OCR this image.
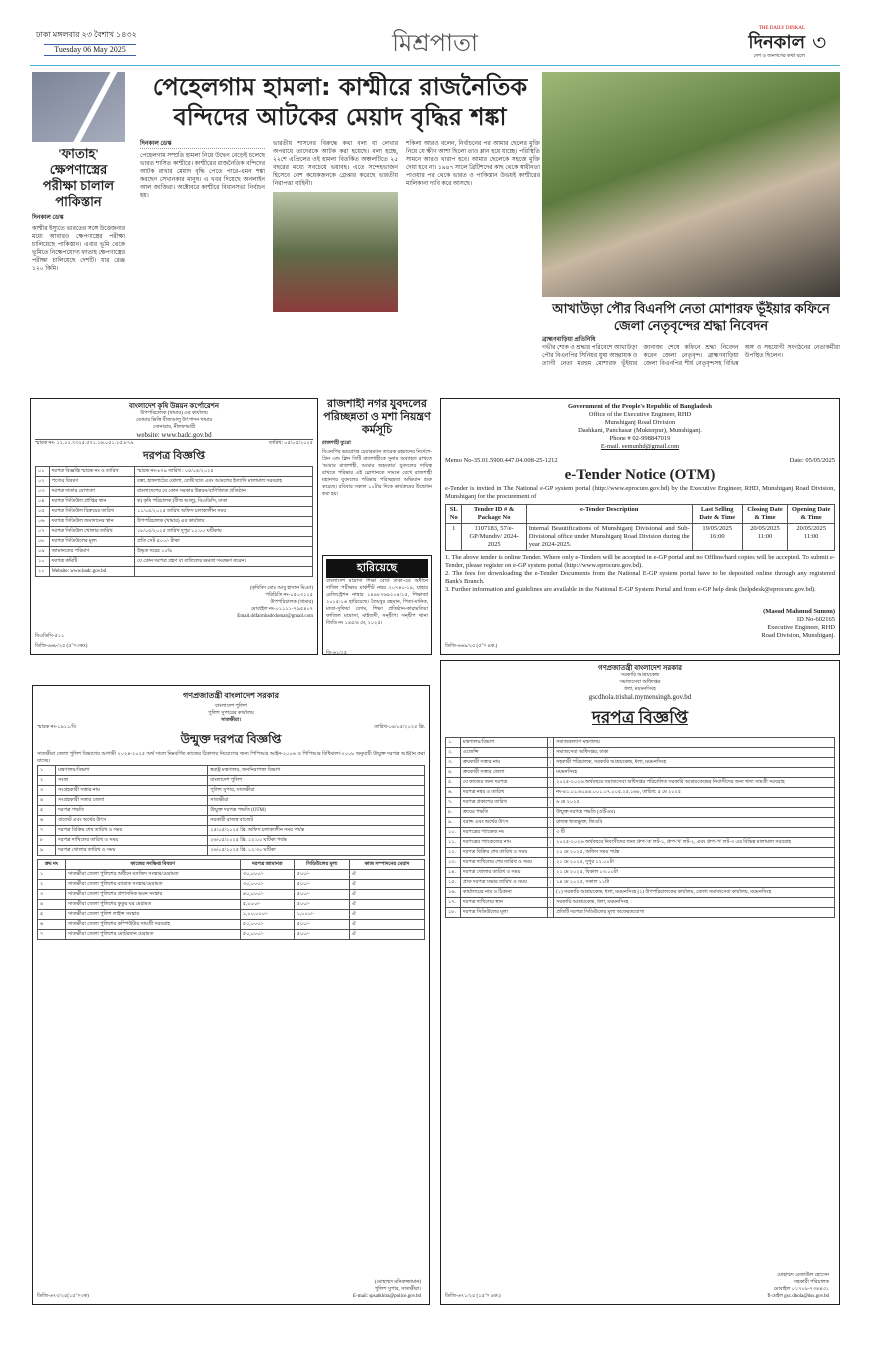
ঢাকা মঙ্গলবার ২৩ বৈশাখ ১৪৩২
Tuesday 06 May 2025	মিশ্রপাতা
THE DAILY DINKAL
দিনকাল
দেশ ও জনগণের কথা বলে
৩
'ফাতাহ' ক্ষেপণাস্ত্রের পরীক্ষা চালাল পাকিস্তান
দিনকাল ডেস্ক

কাশ্মীর ইস্যুতে ভারতের সঙ্গে উত্তেজনার মধ্যে আবারও ক্ষেপণাস্ত্রের পরীক্ষা চালিয়েছে পাকিস্তান। এবার ভূমি থেকে ভূমিতে নিক্ষেপযোগ্য ফাতাহ ক্ষেপণাস্ত্রের পরীক্ষা চালিয়েছে দেশটি। যার রেঞ্জ ১২০ কিমি।

পেহেলগাম হামলা: কাশ্মীরে রাজনৈতিক বন্দিদের আটকের মেয়াদ বৃদ্ধির শঙ্কা
দিনকাল ডেস্ক

পেহেলগাম সম্প্রতি হামলা নিয়ে উদ্বেগ বেড়েই চলেছে ভারত শাসিত কাশ্মীরে। কাশ্মীরের রাজনৈতিক বন্দিদের আটক রাখার মেয়াদ বৃদ্ধি পেতে পারে-এমন শঙ্কা করছেন সেখানকার মানুষ। এ খবর দিয়েছে অনলাইন আল জাজিরা। অক্টোবরে কাশ্মীরে বিধানসভা নির্বাচন হয়।

ভারতীয় শাসনের বিরুদ্ধে কথা বলা বা লেখার অপরাধে তাদেরকে আটক করা হয়েছে। বলা হচ্ছে, ২২শে এপ্রিলের ওই হামলা বিতর্কিত অঞ্চলটিতে ২৫ বছরের মধ্যে সবচেয়ে ভয়াবহ। এতে সন্দেহভাজন হিসেবে বেশ কয়েকজনকে গ্রেপ্তার করেছে ভারতীয় নিরাপত্তা বাহিনী।

শকিলা আরও বলেন, নির্বাচনের পর আমার ছেলের মুক্তি নিয়ে যে ক্ষীণ আশা ছিলো তাও ম্লান হয়ে যাচ্ছে। পরিস্থিতি সামনে আরও খারাপ হবে। আমার ছেলেকে সহজে মুক্তি দেয়া হবে না। ১৯৪৭ সালে ব্রিটিশদের কাছ থেকে স্বাধীনতা পাওয়ার পর থেকে ভারত ও পাকিস্তান উভয়ই কাশ্মীরের মালিকানা দাবি করে আসছে।

আখাউড়া পৌর বিএনপি নেতা মোশারফ ভূঁইয়ার কফিনে জেলা নেতৃবৃন্দের শ্রদ্ধা নিবেদন
ব্রাহ্মণবাড়িয়া প্রতিনিধি

গভীর শোক ও শ্রদ্ধার পরিবেশে আখাউড়া পৌর বিএনপির সিনিয়র যুগ্ম আহ্বায়ক ও ত্যাগী নেতা মরহুম মোশারফ ভূঁইয়ার জানাজা শেষে কফিনে শ্রদ্ধা নিবেদন করেন জেলা নেতৃবৃন্দ। ব্রাহ্মণবাড়িয়া জেলা বিএনপির শীর্ষ নেতৃবৃন্দসহ বিভিন্ন অঙ্গ ও সহযোগী সংগঠনের নেতাকর্মীরা উপস্থিত ছিলেন।

বাংলাদেশ কৃষি উন্নয়ন কর্পোরেশন
উপপরিচালক (খামার) এর কার্যালয়
ডোমার ভিত্তি বীজআলু উৎপাদন খামার
সোনারায়, নীলফামারী
website: www.badc.gov.bd
স্মারক নং- ১২.০২.৭৩১৫.৫৭১.১৬.০৫১.২৫.৮৭৯	তারিখ: ০৫/০৫/২০২৫
দরপত্র বিজ্ঞপ্তি
০১	দরপত্র বিজ্ঞপ্তি স্মারক নং ও তারিখ	স্মারক নং-৮৭৯ তারিখ : ০৫/০৫/২০২৫
০২	পণ্যের বিবরণ	বস্তা, হাফলাঠের ঝোলা, তেষ্টি ছাত এবং আমলের ইত্যাদি মালামাল সরবরাহ
০৩	দরপত্র দাতার যোগ্যতা	বাংলাদেশের যে কোন সরকার উন্নয়ন/বাণিজ্যিক প্রতিষ্ঠান
০৪	দরপত্র সিডিউল প্রাপ্তির স্থান	ক) কৃষি পরিচালক (বীজ আলু), বিএডিসি, ঢাকা
০৫	দরপত্র সিডিউল বিক্রয়ের তারিখ	১১/০৫/২০২৫ তারিখ অফিস চলাকালীন সময়
০৬	দরপত্র সিডিউল জমাদানের স্থান	উপপরিচালক (খামার) এর কার্যালয়
০৭	দরপত্র সিডিউল খোলার তারিখ	১৮/০৫/২০২৫ তারিখ দুপুর ১২:০০ ঘটিকায়
০৮	দরপত্র সিডিউলের মূল্য	প্রতি সেট ৫০০/- টাকা
০৯	জামানতের পরিমাণ	উদ্ধৃত দরের ১০%
১০	দরপত্র কমিটি	যে কোন দরপত্র গ্রহণ বা বাতিলের ক্ষমতা সংরক্ষণ করেন।
১১	Website: www.badc.gov.bd	
(কৃষিবিদ মোঃ আবু হাসান মিঞা)
পরিচিতি নং-০৫০৩১২৫
উপপরিচালক (খামার)
মোবাইল নং-০১১১১-৭৯৫৪০৭
Email.ddfarmbadcdomar@gmail.com
বিএডিসি-৫১১
ডিজি-৬৬৮/২৫ (৫"×৩কঃ)
রাজশাহী নগর যুবদলের পরিচ্ছন্নতা ও মশা নিয়ন্ত্রণ কর্মসূচি
রাজশাহী ব্যুরো

বিএনপির ভারপ্রাপ্ত চেয়ারম্যান তারেক রহমানের নির্দেশে-গ্রিন এন্ড ক্লিন সিটি রাজশাহীকে সুনাম অব্যাহত রাখতে 'আমার রাজশাহী, আমার অহংকার' যুবদলের দায়িত্ব রাখতে পরিষ্কার এই স্লোগানকে সামনে রেখে রাজশাহী মহানগর যুবদলের পরিষ্কার পরিচ্ছন্নতা অভিযান শুরু করেছে। রবিবার সকাল ১০টার দিকে কার্যক্রমের উদ্বোধন করা হয়।

হারিয়েছে

বাংলাদেশ মাদ্রাসা শিক্ষা বোর্ড ঢাকা-এর অধীনে দাখিল পরীক্ষার মার্কশীট নম্বর ২০৭৪০-১৯, যাহার রেজিস্ট্রেশন নাম্বার ১৪৯৮৭৬৯২০৪/১৫, শিক্ষাবর্ষ ২০১৫-১৬ হারিয়েছে। তৈয়বুর রহমান, পিতা-মানিক, মাতা-সুফিয়া বেগম, শিক্ষা প্রতিষ্ঠান-কারামতিয়া ফাজিল মাদ্রাসা, মাইজদী, সন্দ্বীপ। সন্দ্বীপ থানা জিডি নং ১৪৫/৪ মে, ২০২৫।

ডি-৬১/২৫
Government of the People's Republic of Bangladesh
Office of the Executive Engineer, RHD
Munshiganj Road Division
Dashkani, Panchasar (Mukterpur), Munshiganj.
Phone # 02-998847019
E-mail. eemunhd@gmail.com
Memo No-35.01.5900.447.04.008-25-1212	Date: 05/05/2025
e-Tender Notice (OTM)

e-Tender is invited in The National e-GP system portal (http://www.eprocure.gov.bd) by the Executive Engineer, RHD, Munshiganj Road Division, Munshiganj for the procurement of

SL No	Tender ID # & Package No	e-Tender Description	Last Selling Date & Time	Closing Date & Time	Opening Date & Time
1	1107183, 57/e- GP/Mundiv/ 2024-2025	Internal Beautifications of Munshiganj Divisional and Sub-Divisional office under Munshiganj Road Division during the year 2024-2025.	19/05/2025 16:00	20/05/2025 11:00	20/05/2025 11:00

1. The above tender is online Tender. Where only e-Tenders will be accepted in e-GP portal and no Offline/hard copies will be accepted. To submit e-Tender, please register on e-GP system portal (http://www.eprocure.gov.bd).

2. The fees for downloading the e-Tender Documents from the National E-GP system portal have to be deposited online through any registered Bank's Branch.

3. Further information and guidelines are available in the National E-GP System Portal and from e-GP help desk (helpdesk@eprocure.gov.bd).

(Masud Mahmud Sumon)
ID No-602165
Executive Engineer, RHD
Road Division, Munshiganj.
ডিজি-৬৬৯/২৫ (৫"× ৪ক.)
গণপ্রজাতন্ত্রী বাংলাদেশ সরকার
বাংলাদেশ পুলিশ
পুলিশ সুপারের কার্যালয়
সাতক্ষীরা।
স্মারক নং-১৯১১/বি	তারিখ-০৪/০৫/২০২৫ খ্রি.
উন্মুক্ত দরপত্র বিজ্ঞপ্তি

সাতক্ষীরা জেলা পুলিশ বিভাগের আগামী ২০২৪-২০২৫ অর্থ সালে নিম্নবর্ণিত কাজের ঠিকাদার নিয়োগের জন্য পিপিআর আইন-২০০৬ ও পিপিআর বিধিমালা-২০০৮ অনুযায়ী উন্মুক্ত দরপত্র আহ্বান করা যাচ্ছে।

১	মন্ত্রণালয়/বিভাগ	স্বরাষ্ট্র মন্ত্রণালয়, জননিরাপত্তা বিভাগ
২	সংস্থা	বাংলাদেশ পুলিশ
৩	সংগ্রহকারী সত্তার নাম	পুলিশ সুপার, সাতক্ষীরা
৪	সংগ্রহকারী সত্তার জেলা	সাতক্ষীরা
৫	দরপত্র পদ্ধতি	উন্মুক্ত দরপত্র পদ্ধতি (OTM)
৬	বাজেট এবং অর্থের উৎস	সরকারী রাজস্ব বাজেট
৭	দরপত্র বিক্রির শেষ তারিখ ও সময়	২৫/০৫/২০২৫ খ্রি. অফিস চলাকালীন সময় পর্যন্ত
৮	দরপত্র দাখিলের তারিখ ও সময়	২৬/০৫/২০২৫ খ্রি. ১২:০০ ঘটিকা পর্যন্ত
৯	দরপত্র খোলার তারিখ ও সময়	২৬/০৫/২০২৫ খ্রি. ১২:৩০ ঘটিকা
ক্রম নং	কাজের সংক্ষিপ্ত বিবরণ	দরপত্র জামানত	সিডিউলের মূল্য	কাজ সম্পাদনের মেয়াদ
১	সাতক্ষীরা জেলা পুলিশের অধীনে মসজিদ সংস্কার/মেরামত	৩০,০০০/-	৫০০/-	ঐ
২	সাতক্ষীরা জেলা পুলিশের ব্যারাক সংস্কার/মেরামত	৩০,০০০/-	৫০০/-	ঐ
৩	সাতক্ষীরা জেলা পুলিশের প্রশাসনিক ভবন সংস্কার	৪০,০০০/-	৫০০/-	ঐ
৪	সাতক্ষীরা জেলা পুলিশের কুকুর ঘর মেরামত	৫,০০০/-	৫০০/-	ঐ
৫	সাতক্ষীরা জেলা পুলিশ লাইন্স সংস্কার	১,০০,০০০/-	১,০০০/-	ঐ
৬	সাতক্ষীরা জেলা পুলিশের কম্পিউটার সামগ্রী সরবরাহ	৫০,০০০/-	৫০০/-	ঐ
৭	সাতক্ষীরা জেলা পুলিশের মোটরযান মেরামত	৫০,০০০/-	৫০০/-	ঐ
(মোহাম্মদ মনিরুজ্জামান)
পুলিশ সুপার, সাতক্ষীরা।
E-mail: spsatkhira@police.gov.bd
ডিজি-৬৭৩/২৫(১৫"×৩ক)
গণপ্রজাতন্ত্রী বাংলাদেশ সরকার
সরকারি আশ্রয়কেন্দ্র
সমাজসেবা অধিদপ্তর
ধলা, ময়মনসিংহ
gscdhola.trishal.mymensingh.gov.bd
দরপত্র বিজ্ঞপ্তি
১.	মন্ত্রণালয়/বিভাগ	:	সমাজকল্যাণ মন্ত্রণালয়
২.	এজেন্সি	:	সমাজসেবা অধিদপ্তর, ঢাকা
৩.	ক্রয়কারী সত্তার নাম	:	সহকারী পরিচালক, সরকারি আশ্রয়কেন্দ্র, ধলা, ময়মনসিংহ
৪.	ক্রয়কারী সত্তার জেলা	:	ময়মনসিংহ
৫.	যে কাজের জন্য দরপত্র	:	২০২৫-২০২৬ অর্থবছরে সমাজসেবা অধিদপ্তর পরিচালিত সরকারি আশ্রয়কেন্দ্রের নিবাসীদের জন্য খাদ্য সামগ্রী সরবরাহ
৬.	দরপত্র নম্বর ও তারিখ	:	নং-৪১.০১.৬১৯৪.০০১.০৭.০০৫.২৫.১৬৮, তারিখ: ৫ মে ২০২৫
৭.	দরপত্র প্রকাশের তারিখ	:	৬ মে ২০২৫
৮.	ক্রয়ের পদ্ধতি	:	উন্মুক্ত দরপত্র পদ্ধতি (ওটিএম)
৯.	বরাদ্দ এবং অর্থের উৎস	:	রাজস্ব খাতভুক্ত, জিওবি
১০.	দরপত্রের প্যাকেজ নং	:	৩ টি
১১.	দরপত্রের প্যাকেজের নাম	:	২০২৫-২০২৬ অর্থবছরে নিবাসীদের জন্য গ্রুপ-'ক' লট-১, গ্রুপ-'খ' লট-২, এবং গ্রুপ-'গ' লট-৩ এর বিভিন্ন মালামাল সরবরাহ
১২.	দরপত্র বিক্রির শেষ তারিখ ও সময়	:	২০ মে ২০২৫, অফিস সময় পর্যন্ত
১৩.	দরপত্র দাখিলের শেষ তারিখ ও সময়	:	২১ মে ২০২৫, দুপুর ১২.০০টা
১৪.	দরপত্র খোলার তারিখ ও সময়	:	২১ মে ২০২৫, বিকাল ০৩.০০টা
১৫.	প্রাক দরপত্র সভার তারিখ ও সময়	:	১৪ মে ২০২৫, সকাল ১১টা
১৬.	কার্যালয়ের নাম ও ঠিকানা	:	(১) সরকারি আশ্রয়কেন্দ্র, ধলা, ময়মনসিংহ (২) উপপরিচালকের কার্যালয়, জেলা সমাজসেবা কার্যালয়, ময়মনসিংহ
১৭.	দরপত্র দাখিলের স্থান	:	সরকারি আশ্রয়কেন্দ্র, ধলা, ময়মনসিংহ
১৮.	দরপত্র সিডিউলের মূল্য	:	প্রতিটি দরপত্র সিডিউলের মূল্য অফেরতযোগ্য
মোহাম্মদ রেজাউল হোসেন
সহকারী পরিচালক
মোবাইল ০১৭০৯-৭৩৪৪৩১
ই-মেইল gsc.dhola@dss.gov.bd
ডিজি-৬৭১/২৫ (১৫"× ৪ক.)
